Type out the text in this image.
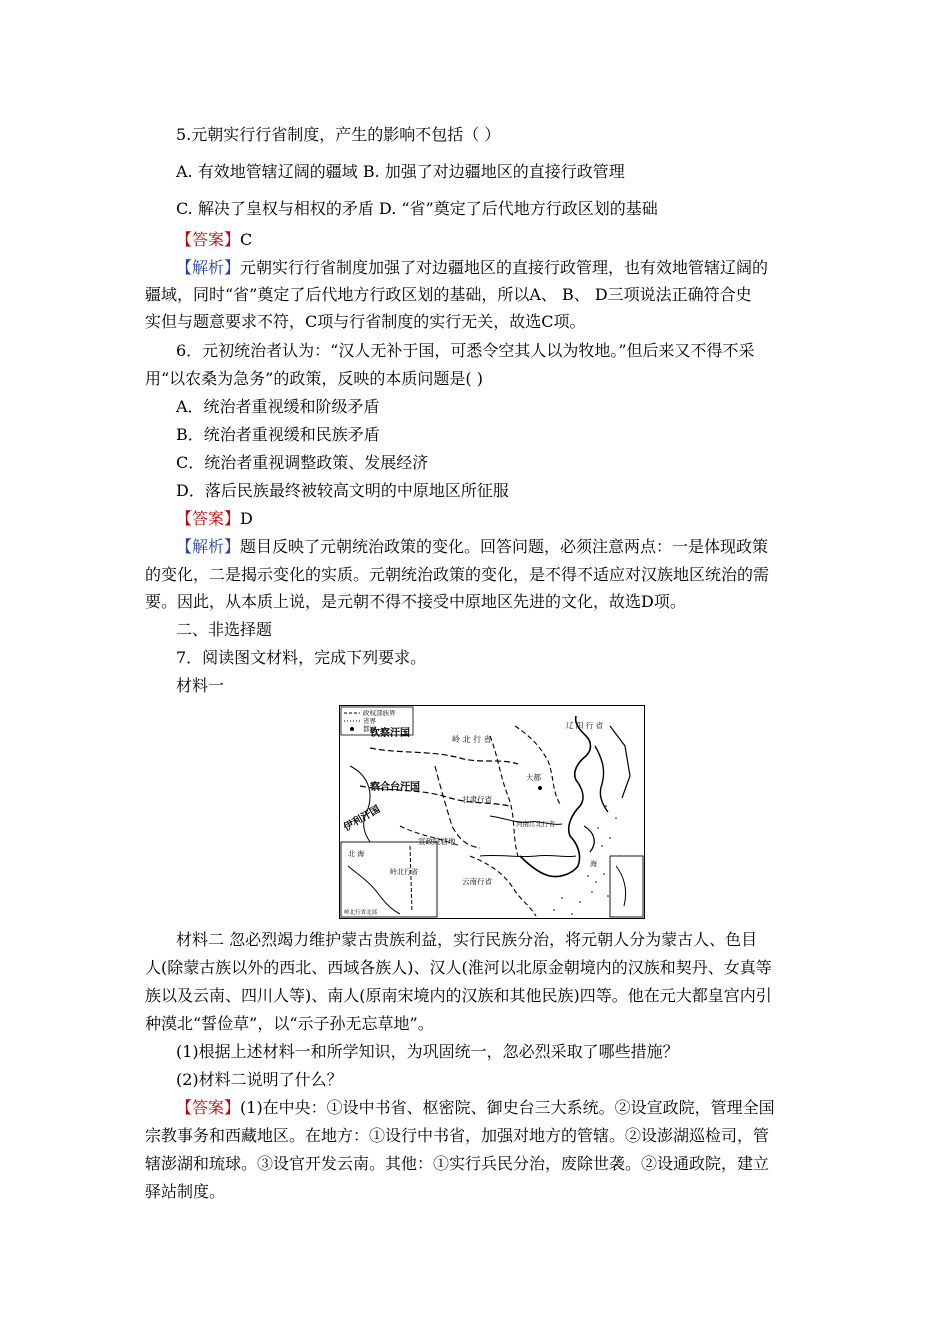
5.元朝实行行省制度，产生的影响不包括（ ）
A. 有效地管辖辽阔的疆域 B. 加强了对边疆地区的直接行政管理
C. 解决了皇权与相权的矛盾 D. “省”奠定了后代地方行政区划的基础
【答案】C
【解析】元朝实行行省制度加强了对边疆地区的直接行政管理，也有效地管辖辽阔的
疆域，同时“省”奠定了后代地方行政区划的基础，所以A、 B、 D三项说法正确符合史
实但与题意要求不符，C项与行省制度的实行无关，故选C项。
6．元初统治者认为：“汉人无补于国，可悉令空其人以为牧地。”但后来又不得不采
用“以农桑为急务”的政策，反映的本质问题是( )
A．统治者重视缓和阶级矛盾
B．统治者重视缓和民族矛盾
C．统治者重视调整政策、发展经济
D．落后民族最终被较高文明的中原地区所征服
【答案】D
【解析】题目反映了元朝统治政策的变化。回答问题，必须注意两点：一是体现政策
的变化，二是揭示变化的实质。元朝统治政策的变化，是不得不适应对汉族地区统治的需
要。因此，从本质上说，是元朝不得不接受中原地区先进的文化，故选D项。
二、非选择题
7．阅读图文材料，完成下列要求。
材料一
政权部族界
省界
都城
钦察汗国
察合台汗国
伊利汗国
岭 北 行 省
甘肃行省
宣政院辖地
云南行省
大都
河南江北行省
辽 阳 行 省
北 海
岭北行省
岭北行省北部
海
材料二 忽必烈竭力维护蒙古贵族利益，实行民族分治，将元朝人分为蒙古人、色目
人(除蒙古族以外的西北、西域各族人)、汉人(淮河以北原金朝境内的汉族和契丹、女真等
族以及云南、四川人等)、南人(原南宋境内的汉族和其他民族)四等。他在元大都皇宫内引
种漠北“誓俭草”，以“示子孙无忘草地”。
(1)根据上述材料一和所学知识，为巩固统一，忽必烈采取了哪些措施？
(2)材料二说明了什么？
【答案】(1)在中央：①设中书省、枢密院、御史台三大系统。②设宣政院，管理全国
宗教事务和西藏地区。在地方：①设行中书省，加强对地方的管辖。②设澎湖巡检司，管
辖澎湖和琉球。③设官开发云南。其他：①实行兵民分治，废除世袭。②设通政院，建立
驿站制度。
